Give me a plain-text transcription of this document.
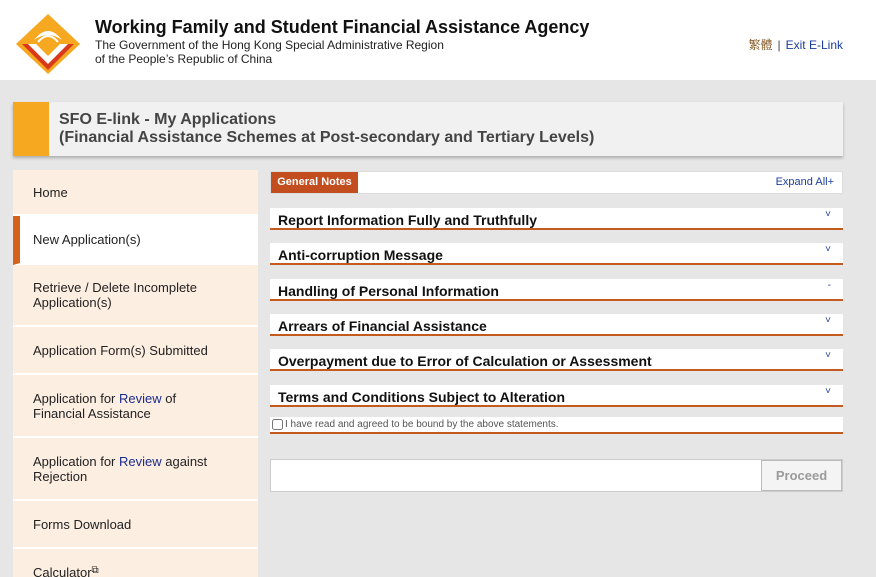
Working Family and Student Financial Assistance Agency
The Government of the Hong Kong Special Administrative Region
of the People’s Republic of China
繁體 | Exit E-Link
SFO E-link - My Applications
(Financial Assistance Schemes at Post-secondary and Tertiary Levels)
Home
New Application(s)
Retrieve / Delete Incomplete Application(s)
Application Form(s) Submitted
Application for Review of
Financial Assistance
Application for Review against
Rejection
Forms Download
Calculator ⧉
General Notes	Expand All+
Report Information Fully and Truthfully	˅
Anti-corruption Message	˅
Handling of Personal Information	-
Arrears of Financial Assistance	˅
Overpayment due to Error of Calculation or Assessment	˅
Terms and Conditions Subject to Alteration	˅
I have read and agreed to be bound by the above statements.
Proceed
